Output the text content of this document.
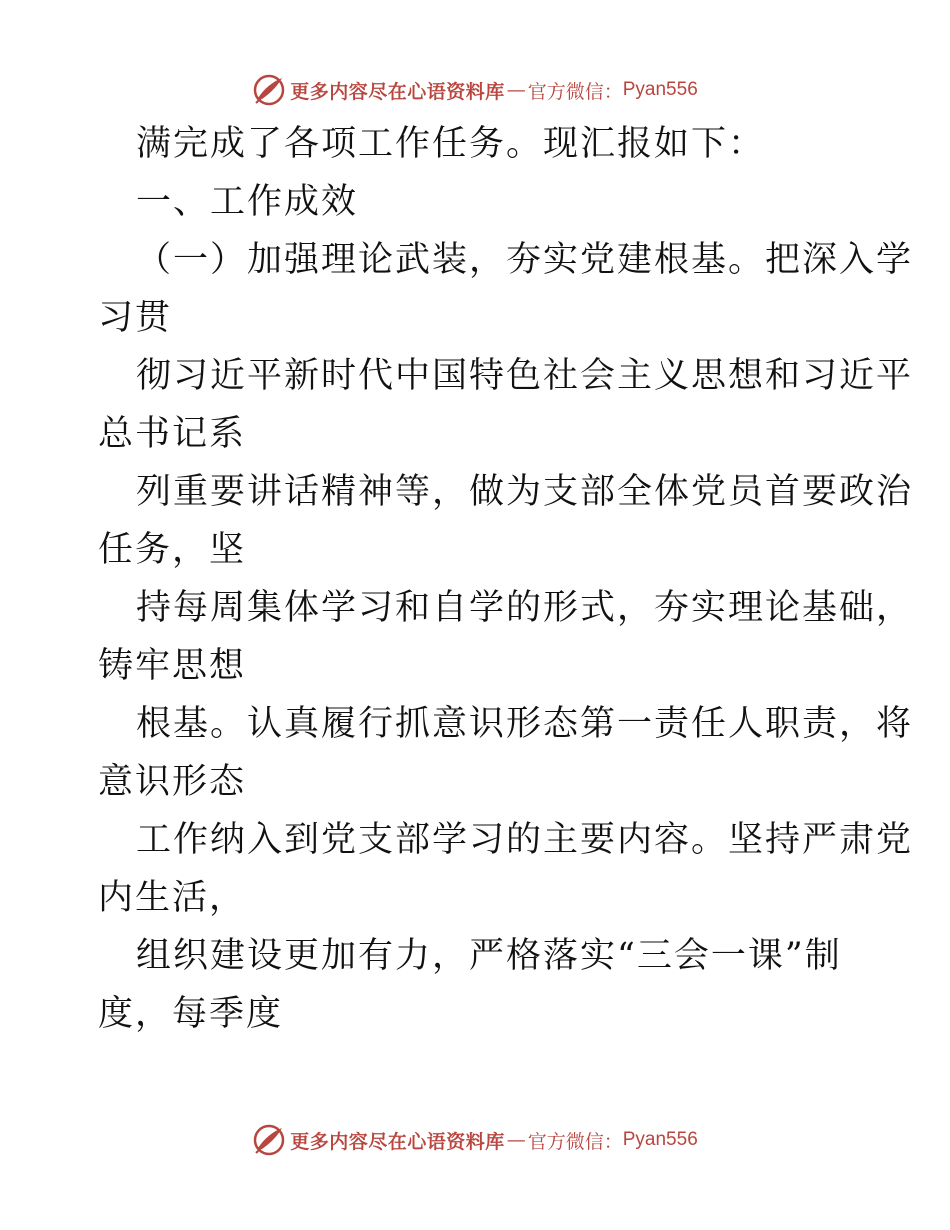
更多内容尽在心语资料库 — 官方微信： Pyan556
满完成了各项工作任务。现汇报如下：
一、工作成效
（一）加强理论武装，夯实党建根基。把深入学
习贯
彻习近平新时代中国特色社会主义思想和习近平
总书记系
列重要讲话精神等，做为支部全体党员首要政治
任务，坚
持每周集体学习和自学的形式，夯实理论基础，
铸牢思想
根基。认真履行抓意识形态第一责任人职责，将
意识形态
工作纳入到党支部学习的主要内容。坚持严肃党
内生活，
组织建设更加有力，严格落实“三会一课”制
度，每季度
更多内容尽在心语资料库 — 官方微信： Pyan556
